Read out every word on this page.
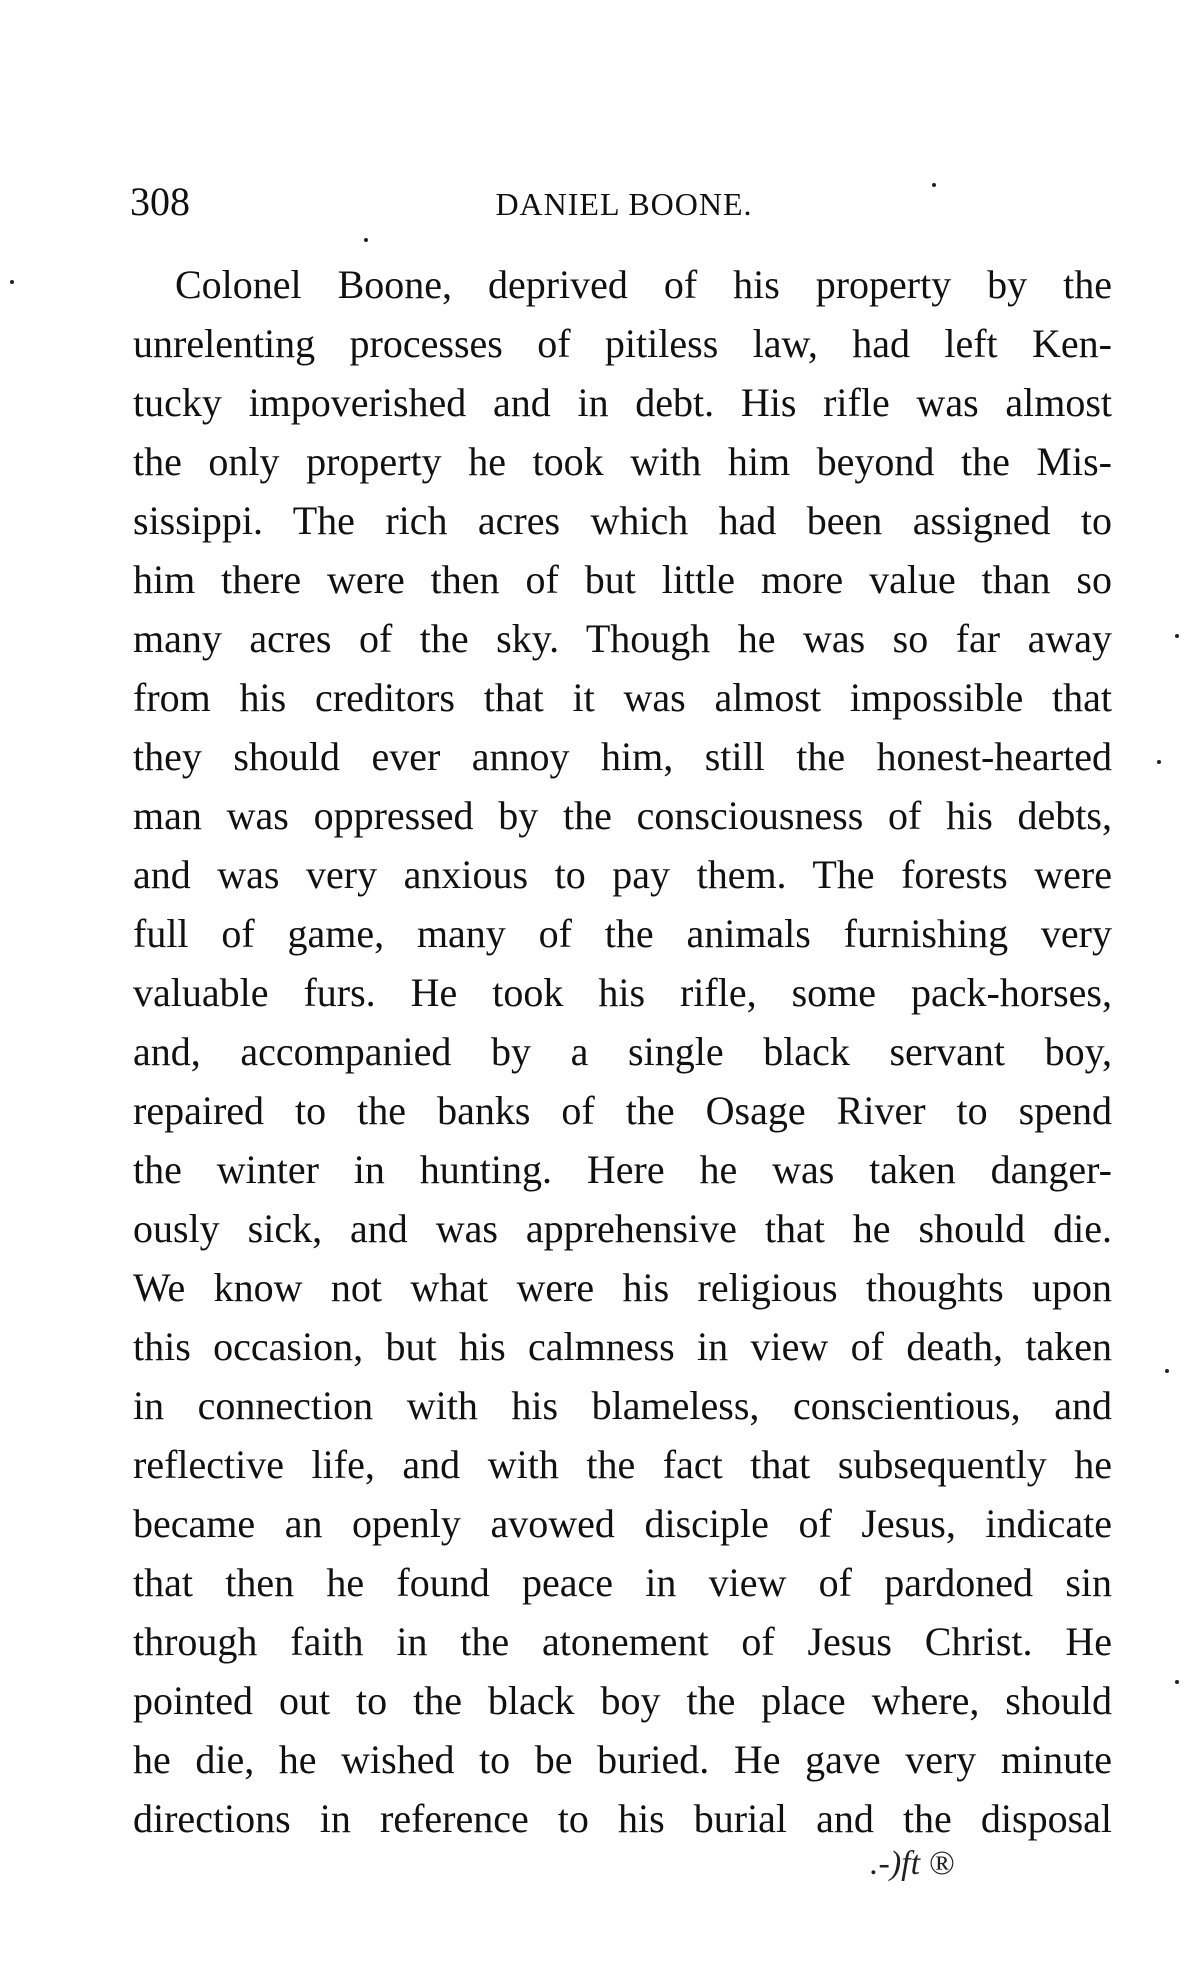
308	DANIEL BOONE.
Colonel Boone, deprived of his property by the
unrelenting processes of pitiless law, had left Ken-
tucky impoverished and in debt. His rifle was almost
the only property he took with him beyond the Mis-
sissippi. The rich acres which had been assigned to
him there were then of but little more value than so
many acres of the sky. Though he was so far away
from his creditors that it was almost impossible that
they should ever annoy him, still the honest-hearted
man was oppressed by the consciousness of his debts,
and was very anxious to pay them. The forests were
full of game, many of the animals furnishing very
valuable furs. He took his rifle, some pack-horses,
and, accompanied by a single black servant boy,
repaired to the banks of the Osage River to spend
the winter in hunting. Here he was taken danger-
ously sick, and was apprehensive that he should die.
We know not what were his religious thoughts upon
this occasion, but his calmness in view of death, taken
in connection with his blameless, conscientious, and
reflective life, and with the fact that subsequently he
became an openly avowed disciple of Jesus, indicate
that then he found peace in view of pardoned sin
through faith in the atonement of Jesus Christ. He
pointed out to the black boy the place where, should
he die, he wished to be buried. He gave very minute
directions in reference to his burial and the disposal
.-)ft ®
